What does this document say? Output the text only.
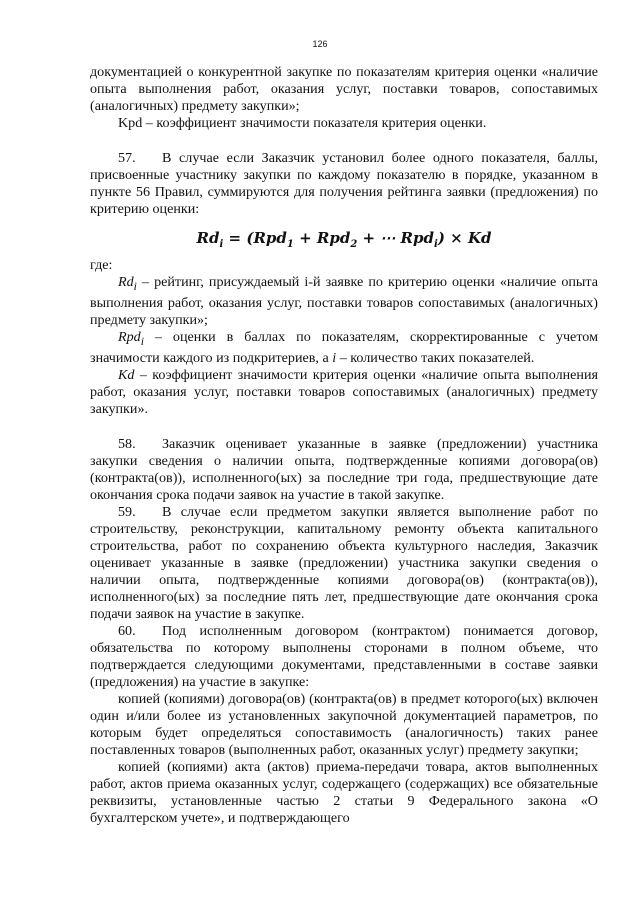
126

документацией о конкурентной закупке по показателям критерия оценки «наличие опыта выполнения работ, оказания услуг, поставки товаров, сопоставимых (аналогичных) предмету закупки»;

Kpd – коэффициент значимости показателя критерия оценки.

57. В случае если Заказчик установил более одного показателя, баллы, присвоенные участнику закупки по каждому показателю в порядке, указанном в пункте 56 Правил, суммируются для получения рейтинга заявки (предложения) по критерию оценки:

$Rd_i = (Rpd_1 + Rpd_2$ + ⋯ Rpd$_i$) × Kd

где:

$Rd_i$ – рейтинг, присуждаемый i-й заявке по критерию оценки «наличие опыта выполнения работ, оказания услуг, поставки товаров сопоставимых (аналогичных) предмету закупки»;

Rpd$_i$ – оценки в баллах по показателям, скорректированные с учетом значимости каждого из подкритериев, а i – количество таких показателей.

Kd – коэффициент значимости критерия оценки «наличие опыта выполнения работ, оказания услуг, поставки товаров сопоставимых (аналогичных) предмету закупки».

58. Заказчик оценивает указанные в заявке (предложении) участника закупки сведения о наличии опыта, подтвержденные копиями договора(ов) (контракта(ов)), исполненного(ых) за последние три года, предшествующие дате окончания срока подачи заявок на участие в такой закупке.

59. В случае если предметом закупки является выполнение работ по строительству, реконструкции, капитальному ремонту объекта капитального строительства, работ по сохранению объекта культурного наследия, Заказчик оценивает указанные в заявке (предложении) участника закупки сведения о наличии опыта, подтвержденные копиями договора(ов) (контракта(ов)), исполненного(ых) за последние пять лет, предшествующие дате окончания срока подачи заявок на участие в закупке.

60. Под исполненным договором (контрактом) понимается договор, обязательства по которому выполнены сторонами в полном объеме, что подтверждается следующими документами, представленными в составе заявки (предложения) на участие в закупке:

копией (копиями) договора(ов) (контракта(ов) в предмет которого(ых) включен один и/или более из установленных закупочной документацией параметров, по которым будет определяться сопоставимость (аналогичность) таких ранее поставленных товаров (выполненных работ, оказанных услуг) предмету закупки;

копией (копиями) акта (актов) приема-передачи товара, актов выполненных работ, актов приема оказанных услуг, содержащего (содержащих) все обязательные реквизиты, установленные частью 2 статьи 9 Федерального закона «О бухгалтерском учете», и подтверждающего
